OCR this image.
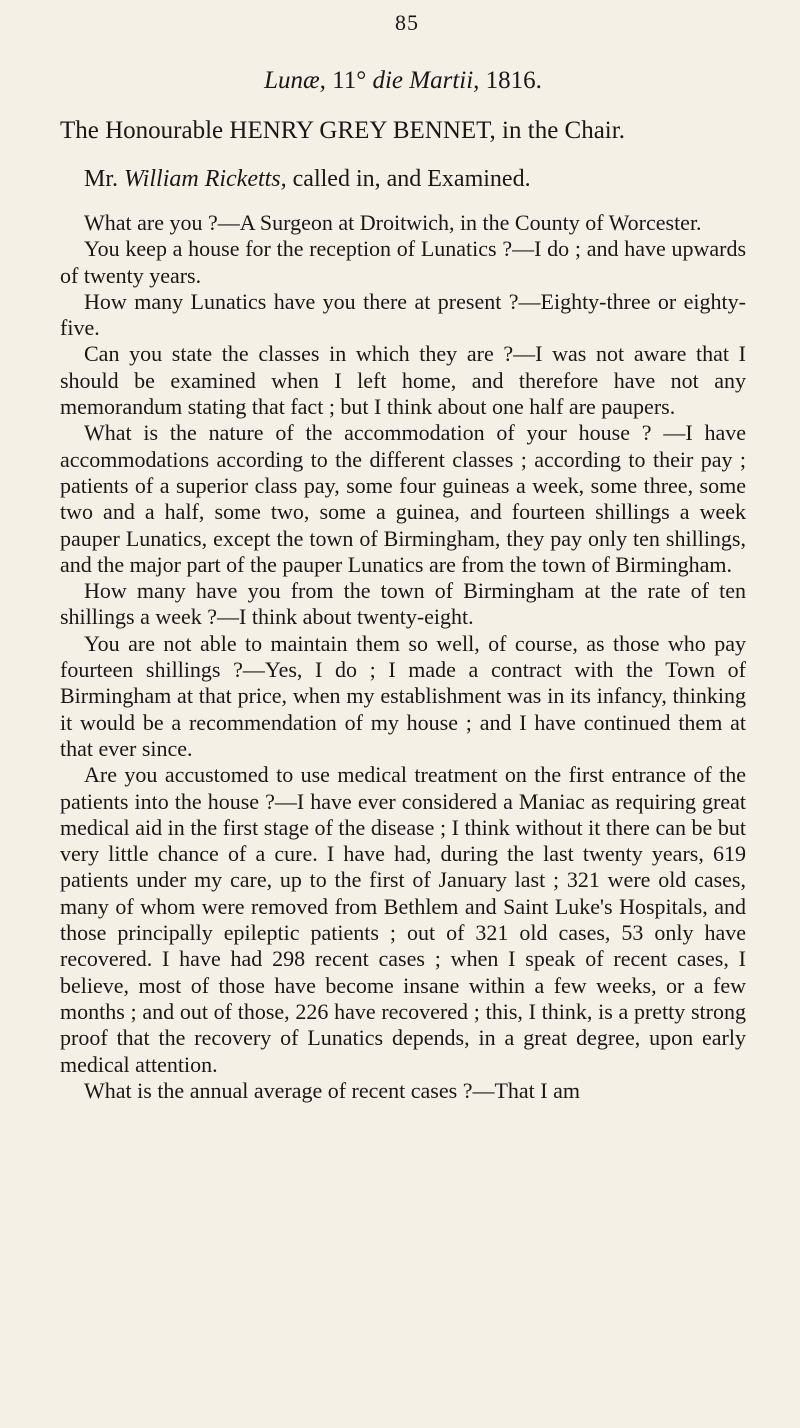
85
Lunæ, 11° die Martii, 1816.
The Honourable HENRY GREY BENNET, in the Chair.
Mr. William Ricketts, called in, and Examined.

What are you ?—A Surgeon at Droitwich, in the County of Worcester.

You keep a house for the reception of Lunatics ?—I do ; and have upwards of twenty years.

How many Lunatics have you there at present ?—Eighty-three or eighty-five.

Can you state the classes in which they are ?—I was not aware that I should be examined when I left home, and therefore have not any memorandum stating that fact ; but I think about one half are paupers.

What is the nature of the accommodation of your house ? —I have accommodations according to the different classes ; according to their pay ; patients of a superior class pay, some four guineas a week, some three, some two and a half, some two, some a guinea, and fourteen shillings a week pauper Lunatics, except the town of Birmingham, they pay only ten shillings, and the major part of the pauper Lunatics are from the town of Birmingham.

How many have you from the town of Birmingham at the rate of ten shillings a week ?—I think about twenty-eight.

You are not able to maintain them so well, of course, as those who pay fourteen shillings ?—Yes, I do ; I made a contract with the Town of Birmingham at that price, when my establishment was in its infancy, thinking it would be a recommendation of my house ; and I have continued them at that ever since.

Are you accustomed to use medical treatment on the first entrance of the patients into the house ?—I have ever considered a Maniac as requiring great medical aid in the first stage of the disease ; I think without it there can be but very little chance of a cure. I have had, during the last twenty years, 619 patients under my care, up to the first of January last ; 321 were old cases, many of whom were removed from Bethlem and Saint Luke's Hospitals, and those principally epileptic patients ; out of 321 old cases, 53 only have recovered. I have had 298 recent cases ; when I speak of recent cases, I believe, most of those have become insane within a few weeks, or a few months ; and out of those, 226 have recovered ; this, I think, is a pretty strong proof that the recovery of Lunatics depends, in a great degree, upon early medical attention.

What is the annual average of recent cases ?—That I am
